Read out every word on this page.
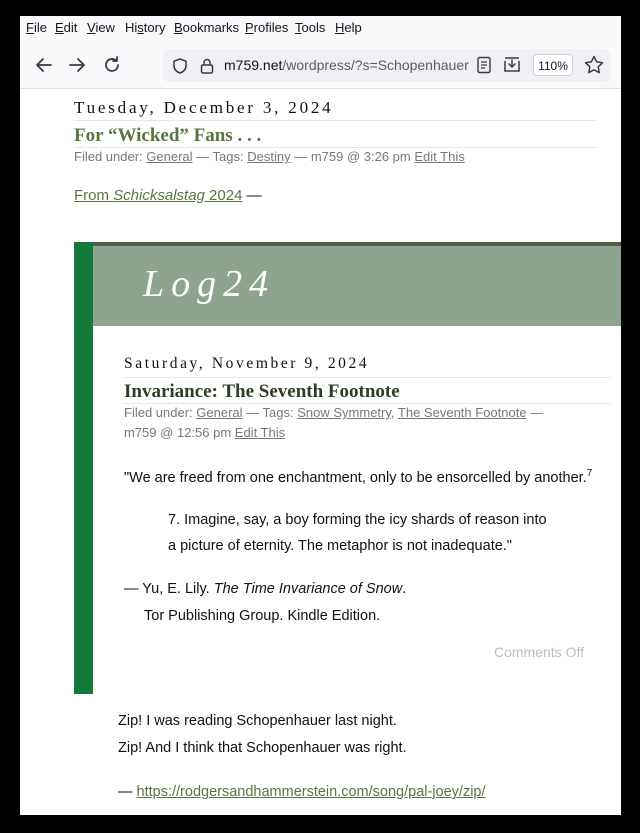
File Edit View History Bookmarks Profiles Tools Help
m759.net/wordpress/?s=Schopenhauer	110%
Tuesday, December 3, 2024
For “Wicked” Fans . . .
Filed under: General — Tags: Destiny — m759 @ 3:26 pm Edit This
From Schicksalstag 2024 —
Log24
Saturday, November 9, 2024
Invariance: The Seventh Footnote
Filed under: General — Tags: Snow Symmetry, The Seventh Footnote —
m759 @ 12:56 pm Edit This
"We are freed from one enchantment, only to be ensorcelled by another.$^7$
7. Imagine, say, a boy forming the icy shards of reason into
a picture of eternity. The metaphor is not inadequate."
— Yu, E. Lily. The Time Invariance of Snow.
Tor Publishing Group. Kindle Edition.
Comments Off
Zip! I was reading Schopenhauer last night.
Zip! And I think that Schopenhauer was right.
— https://rodgersandhammerstein.com/song/pal-joey/zip/
